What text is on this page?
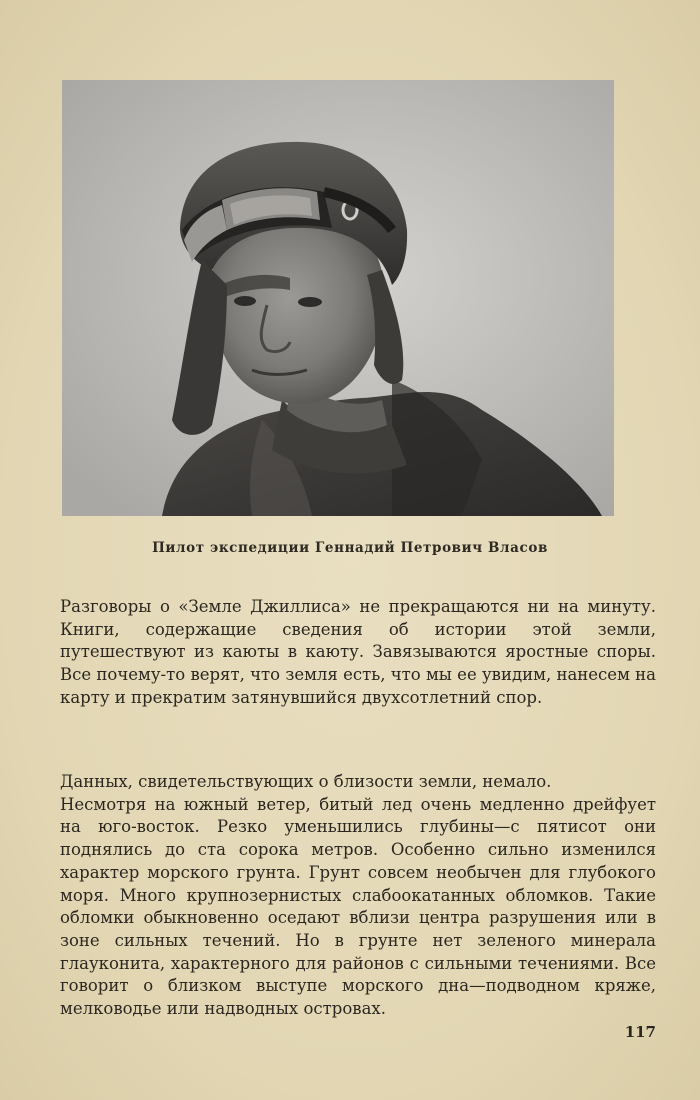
Пилот экспедиции Геннадий Петрович Власов

Разговоры о «Земле Джиллиса» не прекращаются ни на минуту. Книги, содержащие сведения об истории этой земли, путешествуют из каюты в каюту. Завязываются яростные споры. Все почему-то верят, что земля есть, что мы ее увидим, нанесем на карту и прекратим затянувшийся двухсотлетний спор.

Данных, свидетельствующих о близости земли, немало.

Несмотря на южный ветер, битый лед очень медленно дрейфует на юго-восток. Резко уменьшились глубины—с пятисот они поднялись до ста сорока метров. Особенно сильно изменился характер морского грунта. Грунт совсем необычен для глубокого моря. Много крупнозернистых слабоокатанных обломков. Такие обломки обыкновенно оседают вблизи центра разрушения или в зоне сильных течений. Но в грунте нет зеленого минерала глауконита, характерного для районов с сильными течениями. Все говорит о близком выступе морского дна—подводном кряже, мелководье или надводных островах.

117
